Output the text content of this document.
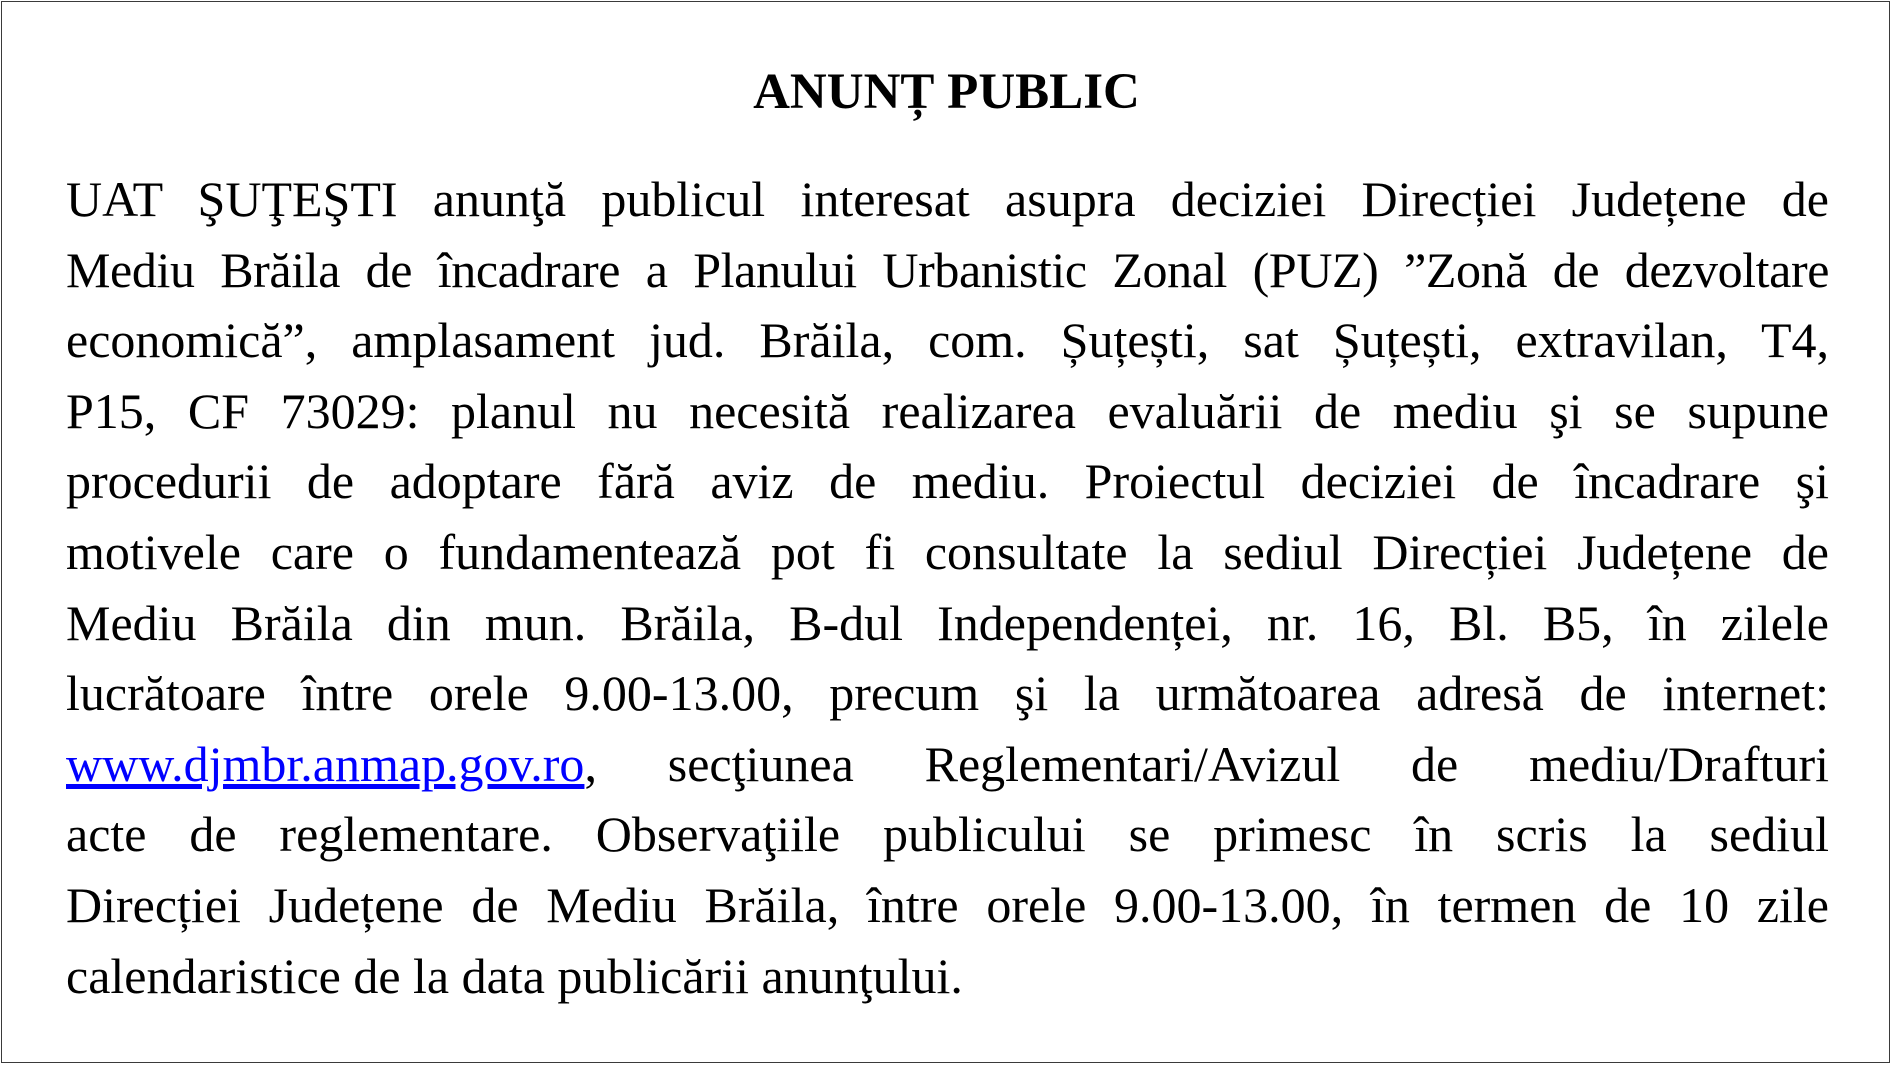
ANUNȚ PUBLIC
UAT ŞUŢEŞTI anunţă publicul interesat asupra deciziei Direcției Județene de
Mediu Brăila de încadrare a Planului Urbanistic Zonal (PUZ) ”Zonă de dezvoltare
economică”, amplasament jud. Brăila, com. Șuțești, sat Șuțești, extravilan, T4,
P15, CF 73029: planul nu necesită realizarea evaluării de mediu şi se supune
procedurii de adoptare fără aviz de mediu. Proiectul deciziei de încadrare şi
motivele care o fundamentează pot fi consultate la sediul Direcției Județene de
Mediu Brăila din mun. Brăila, B-dul Independenței, nr. 16, Bl. B5, în zilele
lucrătoare între orele 9.00-13.00, precum şi la următoarea adresă de internet:
www.djmbr.anmap.gov.ro, secţiunea Reglementari/Avizul de mediu/Drafturi
acte de reglementare. Observaţiile publicului se primesc în scris la sediul
Direcției Județene de Mediu Brăila, între orele 9.00-13.00, în termen de 10 zile
calendaristice de la data publicării anunţului.
